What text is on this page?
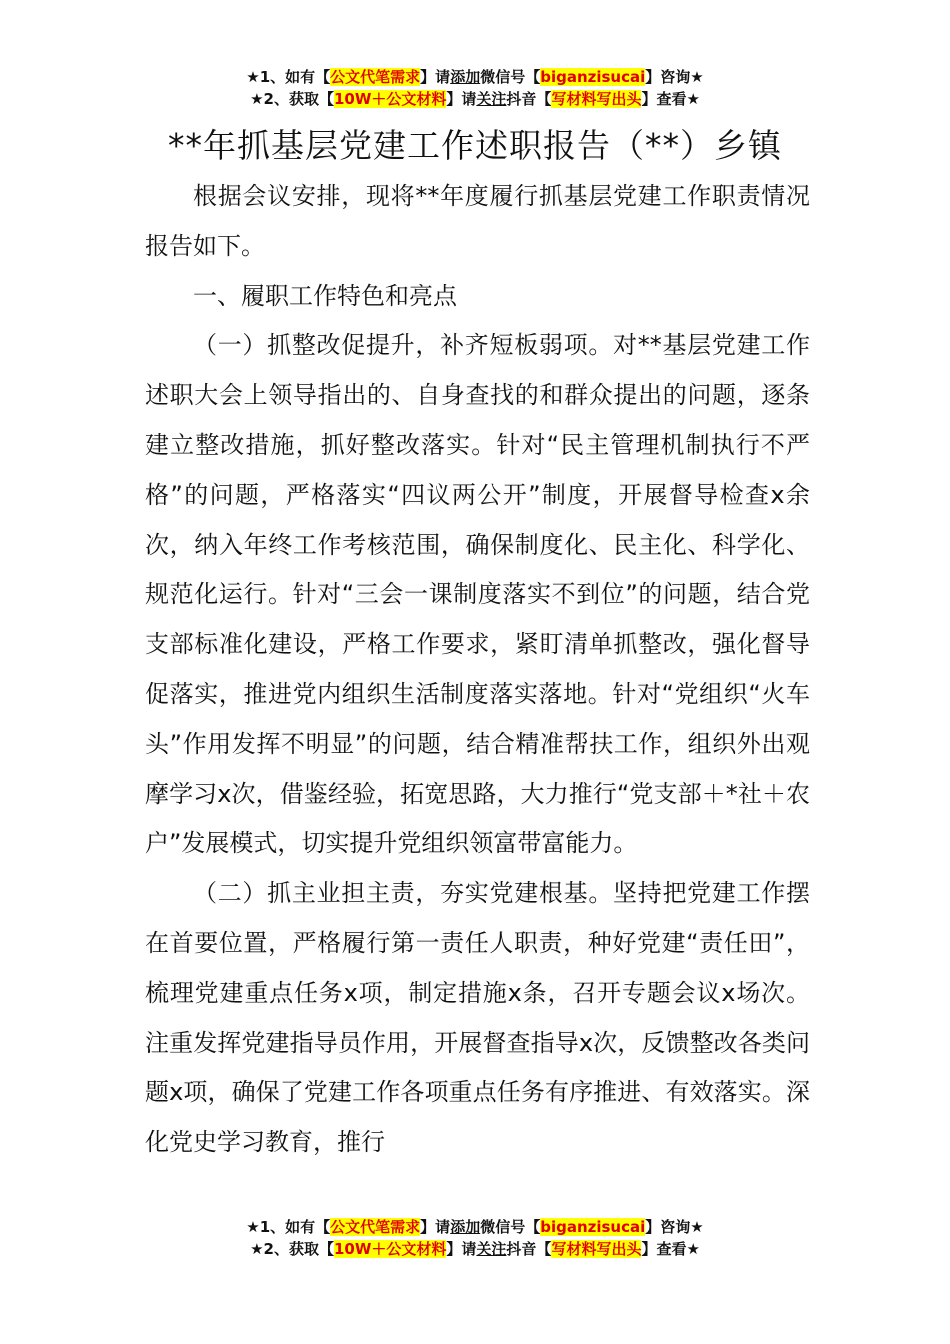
★1、如有【公文代笔需求】请添加微信号【biganzisucai】咨询★
★2、获取【10W＋公文材料】请关注抖音【写材料写出头】查看★
**年抓基层党建工作述职报告（**）乡镇

根据会议安排，现将**年度履行抓基层党建工作职责情况报告如下。

一、履职工作特色和亮点

（一）抓整改促提升，补齐短板弱项。对**基层党建工作述职大会上领导指出的、自身查找的和群众提出的问题，逐条建立整改措施，抓好整改落实。针对“民主管理机制执行不严格”的问题，严格落实“四议两公开”制度，开展督导检查x余次，纳入年终工作考核范围，确保制度化、民主化、科学化、规范化运行。针对“三会一课制度落实不到位”的问题，结合党支部标准化建设，严格工作要求，紧盯清单抓整改，强化督导促落实，推进党内组织生活制度落实落地。针对“党组织“火车头”作用发挥不明显”的问题，结合精准帮扶工作，组织外出观摩学习x次，借鉴经验，拓宽思路，大力推行“党支部＋*社＋农户”发展模式，切实提升党组织领富带富能力。

（二）抓主业担主责，夯实党建根基。坚持把党建工作摆在首要位置，严格履行第一责任人职责，种好党建“责任田”，梳理党建重点任务x项，制定措施x条，召开专题会议x场次。注重发挥党建指导员作用，开展督查指导x次，反馈整改各类问题x项，确保了党建工作各项重点任务有序推进、有效落实。深化党史学习教育，推行

★1、如有【公文代笔需求】请添加微信号【biganzisucai】咨询★
★2、获取【10W＋公文材料】请关注抖音【写材料写出头】查看★
